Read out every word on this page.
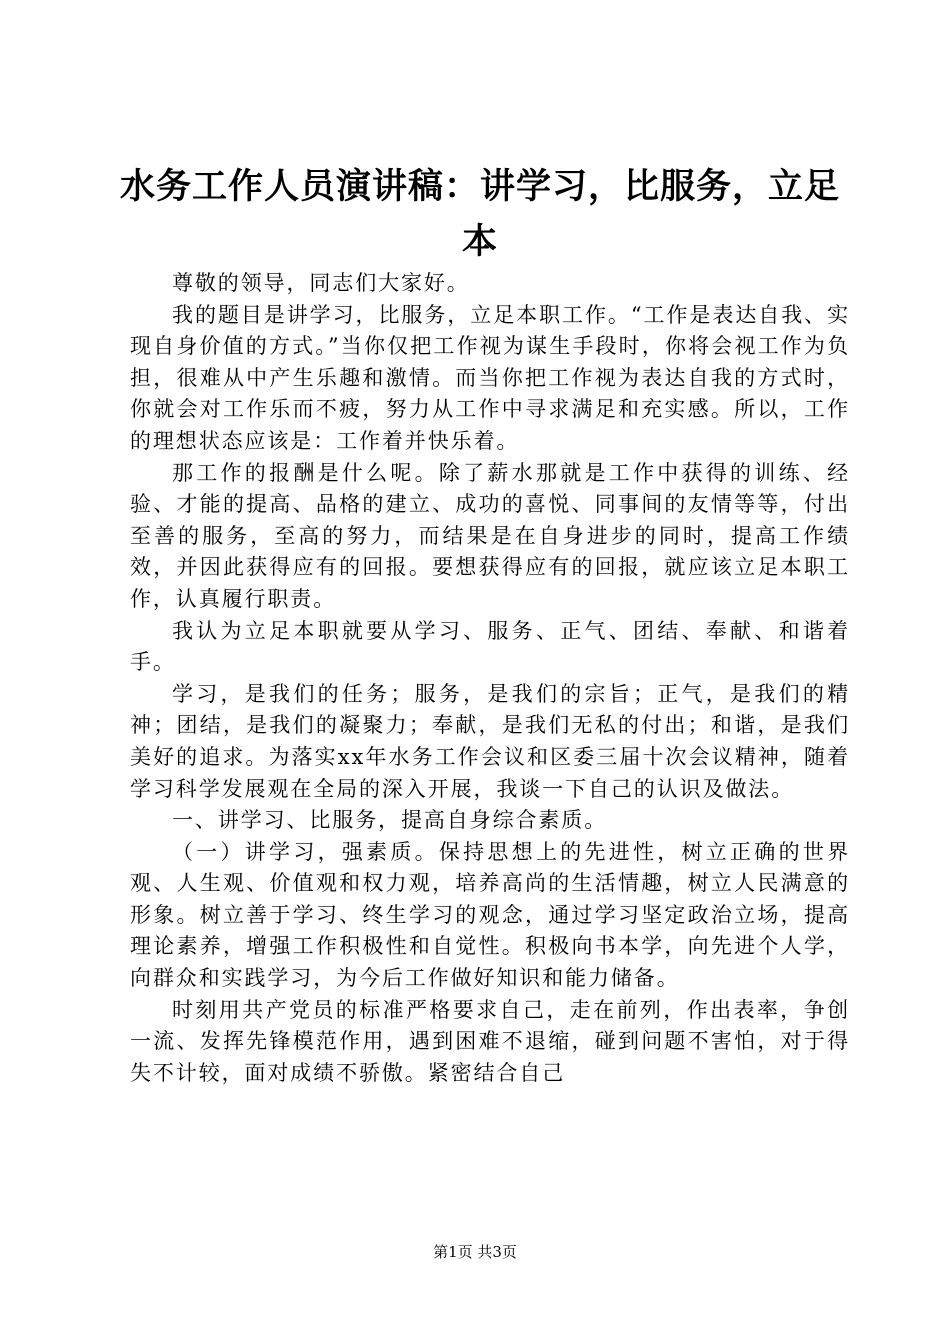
水务工作人员演讲稿：讲学习，比服务，立足本

尊敬的领导，同志们大家好。

我的题目是讲学习，比服务，立足本职工作。“工作是表达自我、实现自身价值的方式。”当你仅把工作视为谋生手段时，你将会视工作为负担，很难从中产生乐趣和激情。而当你把工作视为表达自我的方式时，你就会对工作乐而不疲，努力从工作中寻求满足和充实感。所以，工作的理想状态应该是：工作着并快乐着。

那工作的报酬是什么呢。除了薪水那就是工作中获得的训练、经验、才能的提高、品格的建立、成功的喜悦、同事间的友情等等，付出至善的服务，至高的努力，而结果是在自身进步的同时，提高工作绩效，并因此获得应有的回报。要想获得应有的回报，就应该立足本职工作，认真履行职责。

我认为立足本职就要从学习、服务、正气、团结、奉献、和谐着手。

学习，是我们的任务；服务，是我们的宗旨；正气，是我们的精神；团结，是我们的凝聚力；奉献，是我们无私的付出；和谐，是我们美好的追求。为落实xx年水务工作会议和区委三届十次会议精神，随着学习科学发展观在全局的深入开展，我谈一下自己的认识及做法。

一、讲学习、比服务，提高自身综合素质。

（一）讲学习，强素质。保持思想上的先进性，树立正确的世界观、人生观、价值观和权力观，培养高尚的生活情趣，树立人民满意的形象。树立善于学习、终生学习的观念，通过学习坚定政治立场，提高理论素养，增强工作积极性和自觉性。积极向书本学，向先进个人学，向群众和实践学习，为今后工作做好知识和能力储备。

时刻用共产党员的标准严格要求自己，走在前列，作出表率，争创一流、发挥先锋模范作用，遇到困难不退缩，碰到问题不害怕，对于得失不计较，面对成绩不骄傲。紧密结合自己

第1页 共3页
